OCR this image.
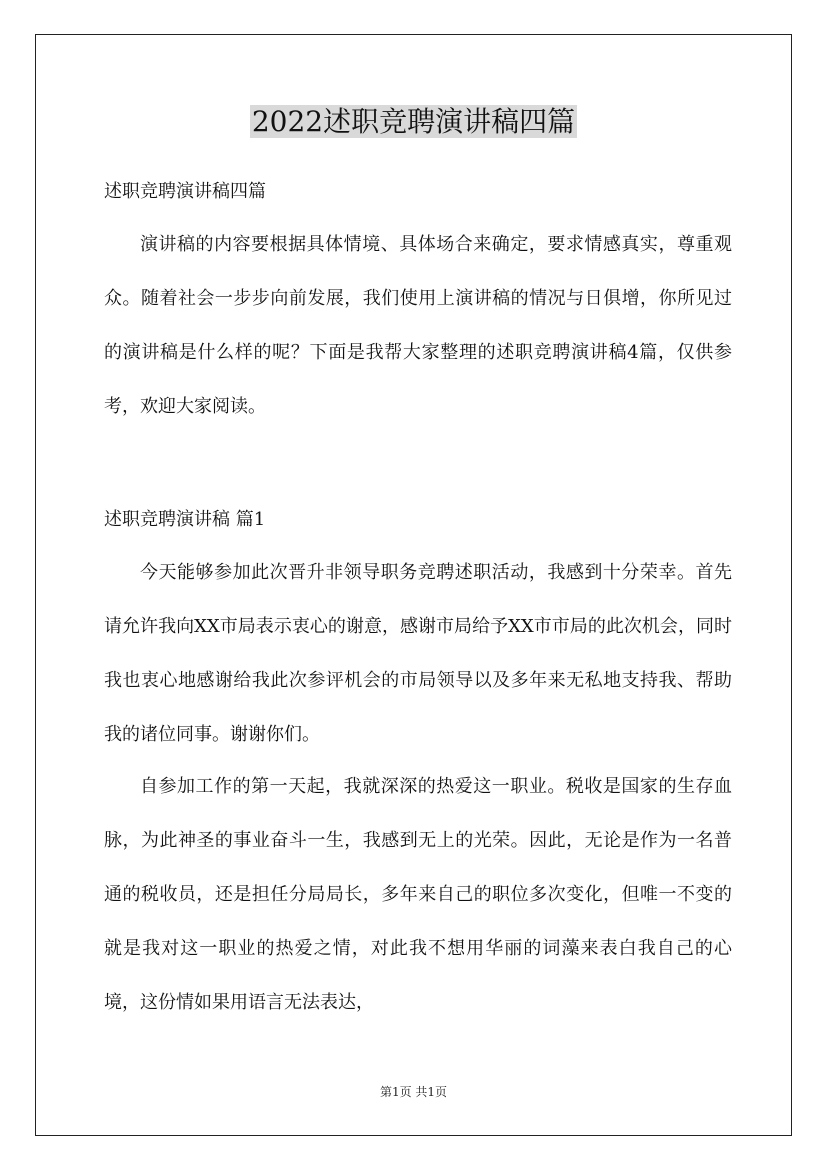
2022述职竞聘演讲稿四篇
述职竞聘演讲稿四篇

演讲稿的内容要根据具体情境、具体场合来确定，要求情感真实，尊重观众。随着社会一步步向前发展，我们使用上演讲稿的情况与日俱增，你所见过的演讲稿是什么样的呢？下面是我帮大家整理的述职竞聘演讲稿4篇，仅供参考，欢迎大家阅读。

述职竞聘演讲稿 篇1

今天能够参加此次晋升非领导职务竞聘述职活动，我感到十分荣幸。首先请允许我向XX市局表示衷心的谢意，感谢市局给予XX市市局的此次机会，同时我也衷心地感谢给我此次参评机会的市局领导以及多年来无私地支持我、帮助我的诸位同事。谢谢你们。

自参加工作的第一天起，我就深深的热爱这一职业。税收是国家的生存血脉，为此神圣的事业奋斗一生，我感到无上的光荣。因此，无论是作为一名普通的税收员，还是担任分局局长，多年来自己的职位多次变化，但唯一不变的就是我对这一职业的热爱之情，对此我不想用华丽的词藻来表白我自己的心境，这份情如果用语言无法表达，

第1页 共1页
